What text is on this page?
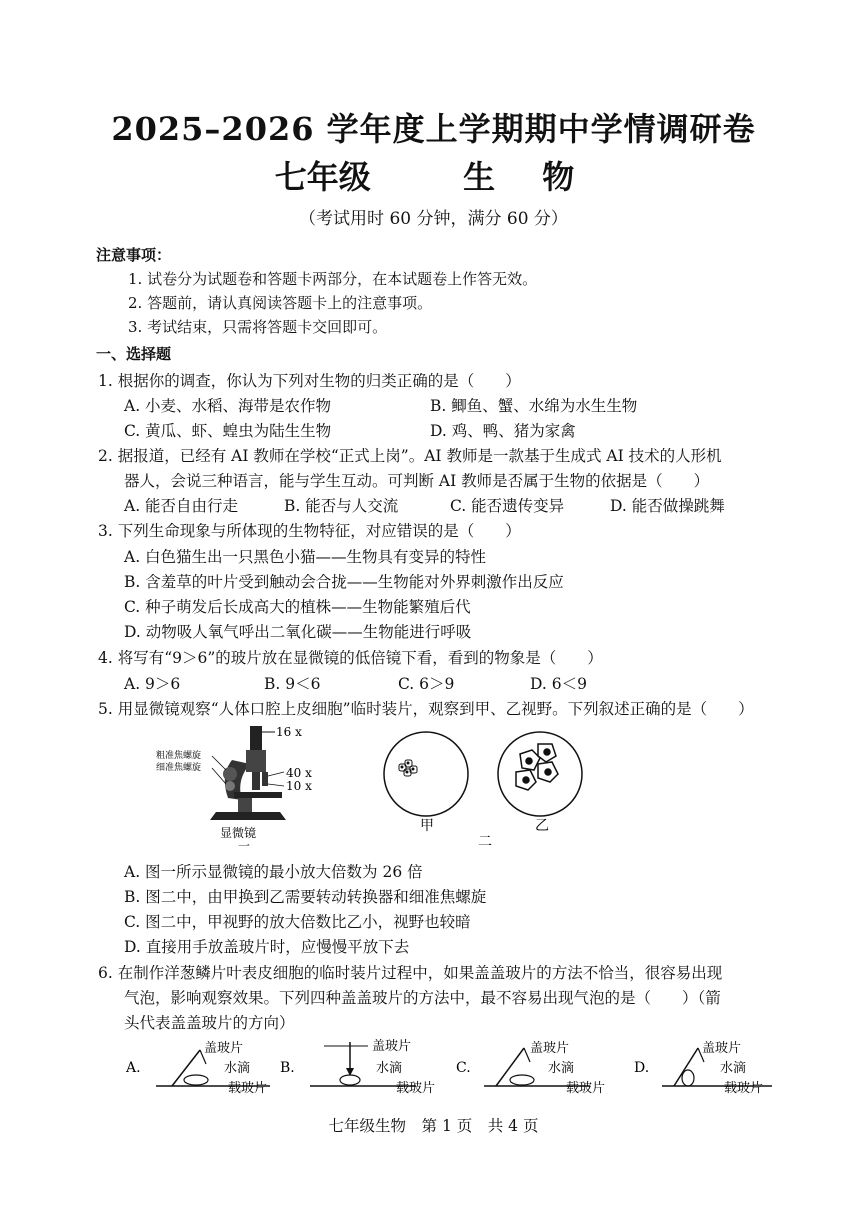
2025–2026 学年度上学期期中学情调研卷
七年级	生 物
（考试用时 60 分钟，满分 60 分）
注意事项：
1. 试卷分为试题卷和答题卡两部分，在本试题卷上作答无效。
2. 答题前，请认真阅读答题卡上的注意事项。
3. 考试结束，只需将答题卡交回即可。
一、选择题
1. 根据你的调查，你认为下列对生物的归类正确的是（　　）
A. 小麦、水稻、海带是农作物	B. 鲫鱼、蟹、水绵为水生生物
C. 黄瓜、虾、蝗虫为陆生生物	D. 鸡、鸭、猪为家禽
2. 据报道，已经有 AI 教师在学校“正式上岗”。AI 教师是一款基于生成式 AI 技术的人形机
器人，会说三种语言，能与学生互动。可判断 AI 教师是否属于生物的依据是（　　）
A. 能否自由行走	B. 能否与人交流	C. 能否遗传变异	D. 能否做操跳舞
3. 下列生命现象与所体现的生物特征，对应错误的是（　　）
A. 白色猫生出一只黑色小猫——生物具有变异的特性
B. 含羞草的叶片受到触动会合拢——生物能对外界刺激作出反应
C. 种子萌发后长成高大的植株——生物能繁殖后代
D. 动物吸人氧气呼出二氧化碳——生物能进行呼吸
4. 将写有“9＞6”的玻片放在显微镜的低倍镜下看，看到的物象是（　　）
A. 9＞6	B. 9＜6	C. 6＞9	D. 6＜9
5. 用显微镜观察“人体口腔上皮细胞”临时装片，观察到甲、乙视野。下列叙述正确的是（　　）
16 x
粗准焦螺旋
细准焦螺旋	40 x
10 x
显微镜
一
甲	乙
二
A. 图一所示显微镜的最小放大倍数为 26 倍
B. 图二中，由甲换到乙需要转动转换器和细准焦螺旋
C. 图二中，甲视野的放大倍数比乙小，视野也较暗
D. 直接用手放盖玻片时，应慢慢平放下去
6. 在制作洋葱鳞片叶表皮细胞的临时装片过程中，如果盖盖玻片的方法不恰当，很容易出现
气泡，影响观察效果。下列四种盖盖玻片的方法中，最不容易出现气泡的是（　　）（箭
头代表盖盖玻片的方向）
A.
盖玻片
水滴
载玻片
B.
盖玻片
水滴
载玻片
C.
盖玻片
水滴
载玻片
D.
盖玻片
水滴
载玻片
七年级生物　第 1 页　共 4 页
